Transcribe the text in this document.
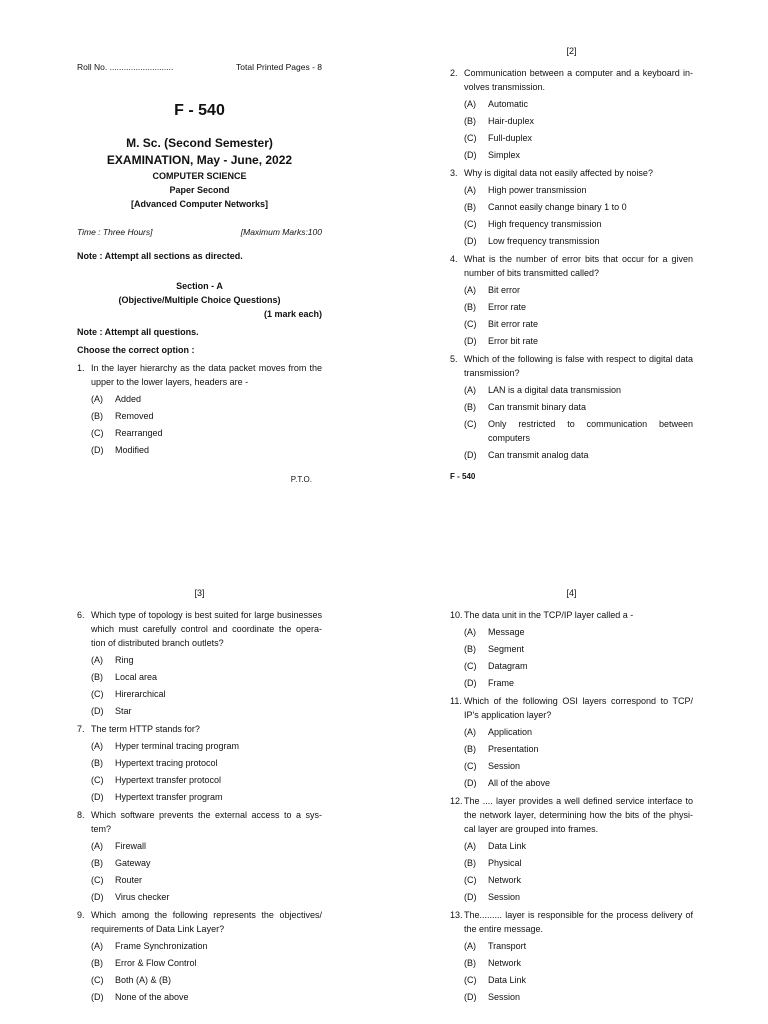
Roll No. ...........................	Total Printed Pages - 8
F - 540
M. Sc. (Second Semester)
EXAMINATION, May - June, 2022
COMPUTER SCIENCE
Paper Second
[Advanced Computer Networks]
Time : Three Hours]	[Maximum Marks:100
Note : Attempt all sections as directed.
Section - A
(Objective/Multiple Choice Questions)
(1 mark each)
Note : Attempt all questions.
Choose the correct option :
1. In the layer hierarchy as the data packet moves from the upper to the lower layers, headers are -
(A)	Added
(B)	Removed
(C)	Rearranged
(D)	Modified
P.T.O.
[2]
2. Communication between a computer and a keyboard in- volves transmission.
(A)	Automatic
(B)	Hair-duplex
(C)	Full-duplex
(D)	Simplex
3. Why is digital data not easily affected by noise?
(A)	High power transmission
(B)	Cannot easily change binary 1 to 0
(C)	High frequency transmission
(D)	Low frequency transmission
4. What is the number of error bits that occur for a given number of bits transmitted called?
(A)	Bit error
(B)	Error rate
(C)	Bit error rate
(D)	Error bit rate
5. Which of the following is false with respect to digital data transmission?
(A)	LAN is a digital data transmission
(B)	Can transmit binary data
(C)	Only restricted to communication between computers
(D)	Can transmit analog data
F - 540
[3]
6. Which type of topology is best suited for large businesses which must carefully control and coordinate the opera- tion of distributed branch outlets?
(A)	Ring
(B)	Local area
(C)	Hirerarchical
(D)	Star
7. The term HTTP stands for?
(A)	Hyper terminal tracing program
(B)	Hypertext tracing protocol
(C)	Hypertext transfer protocol
(D)	Hypertext transfer program
8. Which software prevents the external access to a sys- tem?
(A)	Firewall
(B)	Gateway
(C)	Router
(D)	Virus checker
9. Which among the following represents the objectives/ requirements of Data Link Layer?
(A)	Frame Synchronization
(B)	Error & Flow Control
(C)	Both (A) & (B)
(D)	None of the above
[4]
10. The data unit in the TCP/IP layer called a -
(A)	Message
(B)	Segment
(C)	Datagram
(D)	Frame
11. Which of the following OSI layers correspond to TCP/ IP's application layer?
(A)	Application
(B)	Presentation
(C)	Session
(D)	All of the above
12. The .... layer provides a well defined service interface to the network layer, determining how the bits of the physi- cal layer are grouped into frames.
(A)	Data Link
(B)	Physical
(C)	Network
(D)	Session
13. The......... layer is responsible for the process delivery of the entire message.
(A)	Transport
(B)	Network
(C)	Data Link
(D)	Session
